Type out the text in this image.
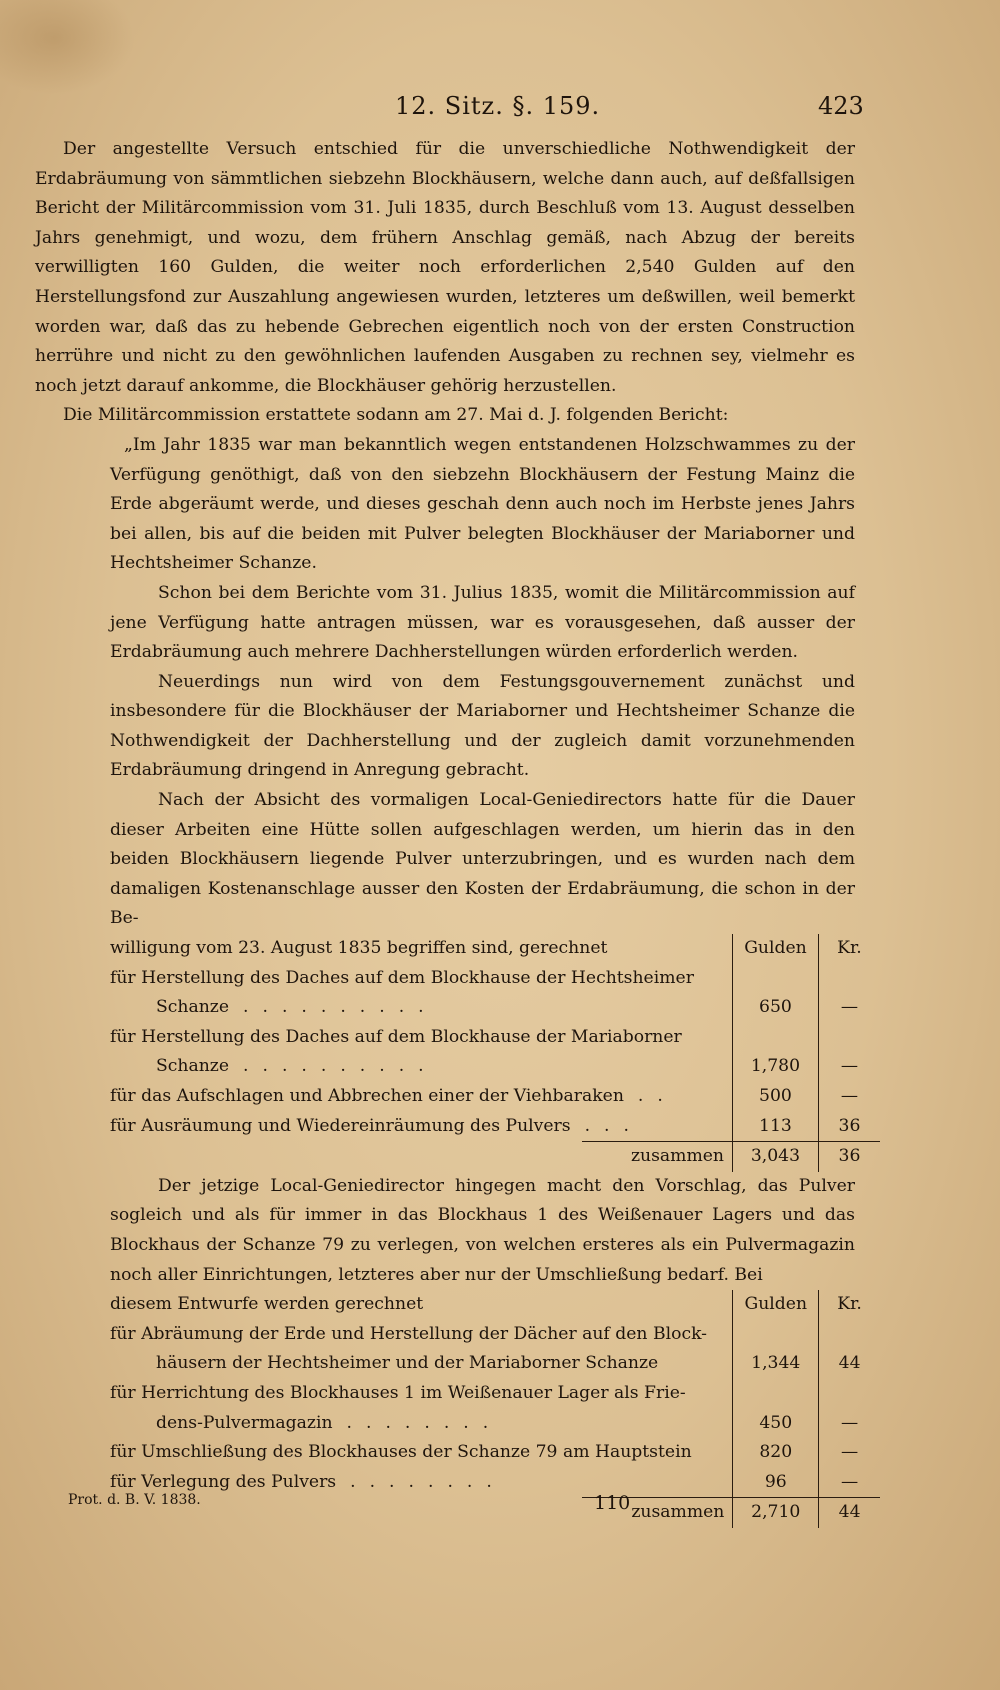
12. Sitz. §. 159.	423

Der angestellte Versuch entschied für die unverschiedliche Nothwendigkeit der Erdabräumung von sämmtlichen siebzehn Blockhäusern, welche dann auch, auf deßfallsigen Bericht der Militärcommission vom 31. Juli 1835, durch Beschluß vom 13. August desselben Jahrs genehmigt, und wozu, dem frühern Anschlag gemäß, nach Abzug der bereits verwilligten 160 Gulden, die weiter noch erforderlichen 2,540 Gulden auf den Herstellungsfond zur Auszahlung angewiesen wurden, letzteres um deßwillen, weil bemerkt worden war, daß das zu hebende Gebrechen eigentlich noch von der ersten Construction herrühre und nicht zu den gewöhnlichen laufenden Ausgaben zu rechnen sey, vielmehr es noch jetzt darauf ankomme, die Blockhäuser gehörig herzustellen.

Die Militärcommission erstattete sodann am 27. Mai d. J. folgenden Bericht:

„Im Jahr 1835 war man bekanntlich wegen entstandenen Holzschwammes zu der Verfügung genöthigt, daß von den siebzehn Blockhäusern der Festung Mainz die Erde abgeräumt werde, und dieses geschah denn auch noch im Herbste jenes Jahrs bei allen, bis auf die beiden mit Pulver belegten Blockhäuser der Mariaborner und Hechtsheimer Schanze.

Schon bei dem Berichte vom 31. Julius 1835, womit die Militärcommission auf jene Verfügung hatte antragen müssen, war es vorausgesehen, daß ausser der Erdabräumung auch mehrere Dachherstellungen würden erforderlich werden.

Neuerdings nun wird von dem Festungsgouvernement zunächst und insbesondere für die Blockhäuser der Mariaborner und Hechtsheimer Schanze die Nothwendigkeit der Dachherstellung und der zugleich damit vorzunehmenden Erdabräumung dringend in Anregung gebracht.

Nach der Absicht des vormaligen Local-Geniedirectors hatte für die Dauer dieser Arbeiten eine Hütte sollen aufgeschlagen werden, um hierin das in den beiden Blockhäusern liegende Pulver unterzubringen, und es wurden nach dem damaligen Kostenanschlage ausser den Kosten der Erdabräumung, die schon in der Be-

willigung vom 23. August 1835 begriffen sind, gerechnet	Gulden	Kr.
für Herstellung des Daches auf dem Blockhause der Hechtsheimer		
Schanze ..........	650	—
für Herstellung des Daches auf dem Blockhause der Mariaborner		
Schanze ..........	1,780	—
für das Aufschlagen und Abbrechen einer der Viehbaraken ..	500	—
für Ausräumung und Wiedereinräumung des Pulvers ...	113	36
zusammen	3,043	36

Der jetzige Local-Geniedirector hingegen macht den Vorschlag, das Pulver sogleich und als für immer in das Blockhaus 1 des Weißenauer Lagers und das Blockhaus der Schanze 79 zu verlegen, von welchen ersteres als ein Pulvermagazin noch aller Einrichtungen, letzteres aber nur der Umschließung bedarf. Bei

diesem Entwurfe werden gerechnet	Gulden	Kr.
für Abräumung der Erde und Herstellung der Dächer auf den Block-		
häusern der Hechtsheimer und der Mariaborner Schanze	1,344	44
für Herrichtung des Blockhauses 1 im Weißenauer Lager als Frie-		
dens-Pulvermagazin ........	450	—
für Umschließung des Blockhauses der Schanze 79 am Hauptstein	820	—
für Verlegung des Pulvers ........	96	—
zusammen	2,710	44
Prot. d. B. V. 1838.	110
